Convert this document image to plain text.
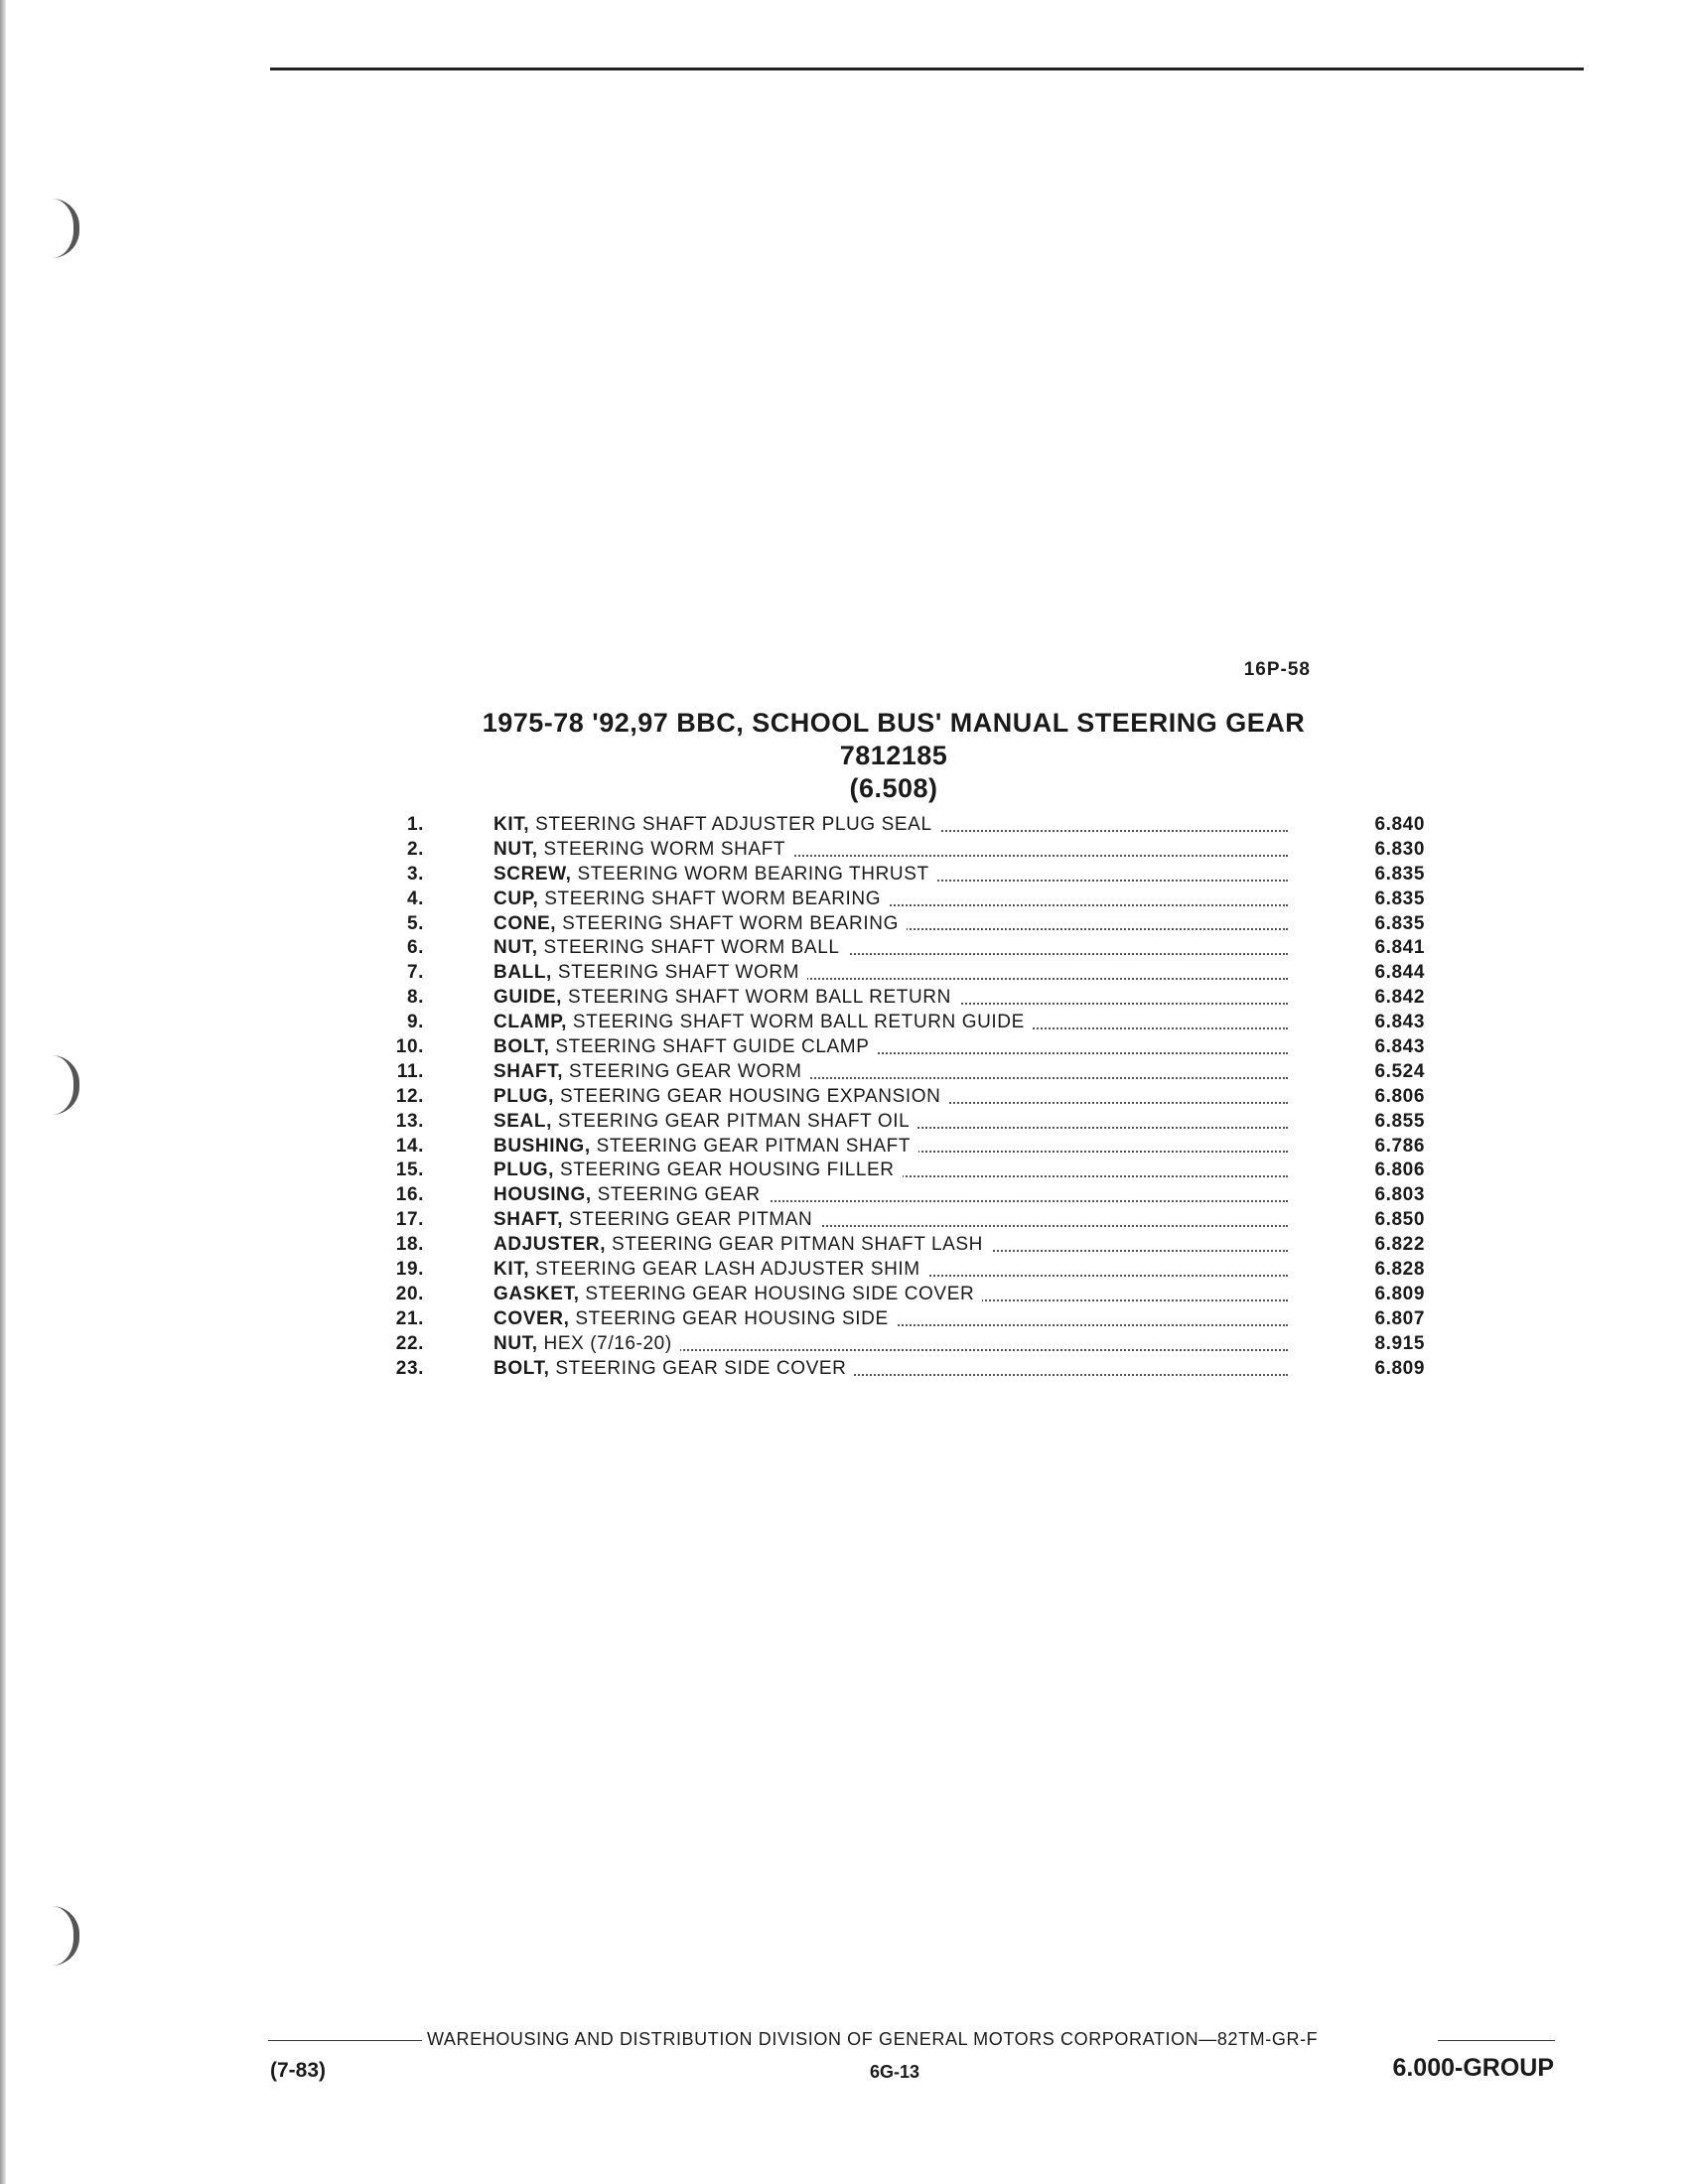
16P-58
1975-78 '92,97 BBC, SCHOOL BUS' MANUAL STEERING GEAR
7812185
(6.508)
1.	KIT, STEERING SHAFT ADJUSTER PLUG SEAL	6.840
2.	NUT, STEERING WORM SHAFT	6.830
3.	SCREW, STEERING WORM BEARING THRUST	6.835
4.	CUP, STEERING SHAFT WORM BEARING	6.835
5.	CONE, STEERING SHAFT WORM BEARING	6.835
6.	NUT, STEERING SHAFT WORM BALL	6.841
7.	BALL, STEERING SHAFT WORM	6.844
8.	GUIDE, STEERING SHAFT WORM BALL RETURN	6.842
9.	CLAMP, STEERING SHAFT WORM BALL RETURN GUIDE	6.843
10.	BOLT, STEERING SHAFT GUIDE CLAMP	6.843
11.	SHAFT, STEERING GEAR WORM	6.524
12.	PLUG, STEERING GEAR HOUSING EXPANSION	6.806
13.	SEAL, STEERING GEAR PITMAN SHAFT OIL	6.855
14.	BUSHING, STEERING GEAR PITMAN SHAFT	6.786
15.	PLUG, STEERING GEAR HOUSING FILLER	6.806
16.	HOUSING, STEERING GEAR	6.803
17.	SHAFT, STEERING GEAR PITMAN	6.850
18.	ADJUSTER, STEERING GEAR PITMAN SHAFT LASH	6.822
19.	KIT, STEERING GEAR LASH ADJUSTER SHIM	6.828
20.	GASKET, STEERING GEAR HOUSING SIDE COVER	6.809
21.	COVER, STEERING GEAR HOUSING SIDE	6.807
22.	NUT, HEX (7/16-20)	8.915
23.	BOLT, STEERING GEAR SIDE COVER	6.809
WAREHOUSING AND DISTRIBUTION DIVISION OF GENERAL MOTORS CORPORATION—82TM-GR-F
(7-83)	6G-13	6.000-GROUP
